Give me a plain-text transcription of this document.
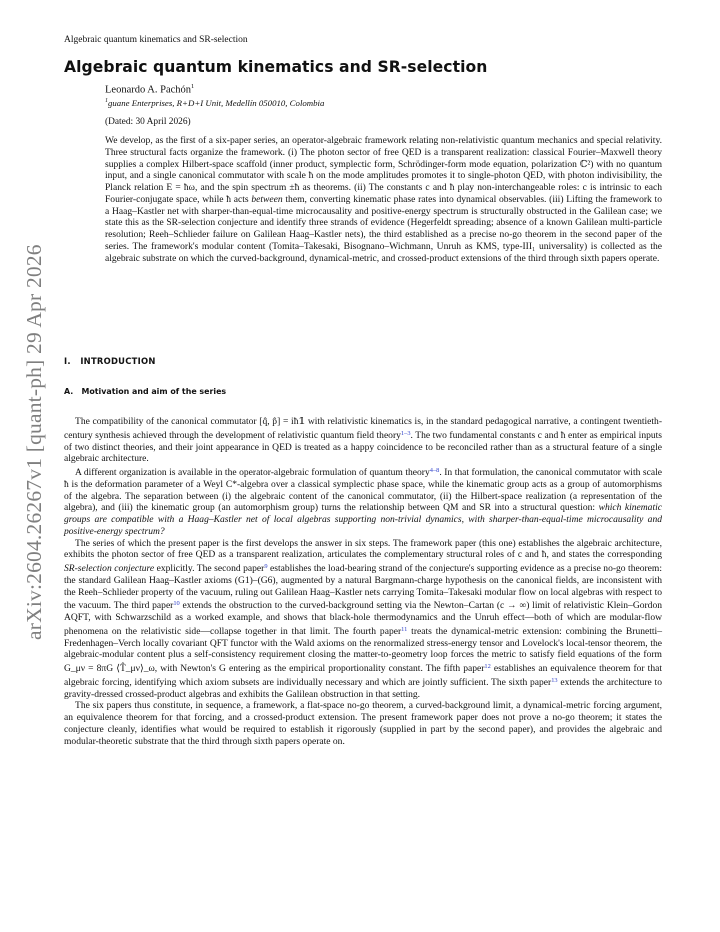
Algebraic quantum kinematics and SR-selection
arXiv:2604.26267v1 [quant-ph] 29 Apr 2026
Algebraic quantum kinematics and SR-selection
Leonardo A. Pachón$^1$
$^1$guane Enterprises, R+D+I Unit, Medellín 050010, Colombia
(Dated: 30 April 2026)

We develop, as the first of a six-paper series, an operator-algebraic framework relating non-relativistic quantum mechanics and special relativity. Three structural facts organize the framework. (i) The photon sector of free QED is a transparent realization: classical Fourier–Maxwell theory supplies a complex Hilbert-space scaffold (inner product, symplectic form, Schrödinger-form mode equation, polarization ℂ²) with no quantum input, and a single canonical commutator with scale ħ on the mode amplitudes promotes it to single-photon QED, with photon indivisibility, the Planck relation E = ħω, and the spin spectrum ±ħ as theorems. (ii) The constants c and ħ play non-interchangeable roles: c is intrinsic to each Fourier-conjugate space, while ħ acts between them, converting kinematic phase rates into dynamical observables. (iii) Lifting the framework to a Haag–Kastler net with sharper-than-equal-time microcausality and positive-energy spectrum is structurally obstructed in the Galilean case; we state this as the SR-selection conjecture and identify three strands of evidence (Hegerfeldt spreading; absence of a known Galilean multi-particle resolution; Reeh–Schlieder failure on Galilean Haag–Kastler nets), the third established as a precise no-go theorem in the second paper of the series. The framework's modular content (Tomita–Takesaki, Bisognano–Wichmann, Unruh as KMS, type-III₁ universality) is collected as the algebraic substrate on which the curved-background, dynamical-metric, and crossed-product extensions of the third through sixth papers operate.

I. INTRODUCTION
A. Motivation and aim of the series

The compatibility of the canonical commutator [q̂, p̂] = iħ𝟙 with relativistic kinematics is, in the standard pedagogical narrative, a contingent twentieth-century synthesis achieved through the development of relativistic quantum field theory$^{1-3}$. The two fundamental constants c and ħ enter as empirical inputs of two distinct theories, and their joint appearance in QED is treated as a happy coincidence to be reconciled rather than as a structural feature of a single algebraic architecture.

A different organization is available in the operator-algebraic formulation of quantum theory$^{4-8}$. In that formulation, the canonical commutator with scale ħ is the deformation parameter of a Weyl C*-algebra over a classical symplectic phase space, while the kinematic group acts as a group of automorphisms of the algebra. The separation between (i) the algebraic content of the canonical commutator, (ii) the Hilbert-space realization (a representation of the algebra), and (iii) the kinematic group (an automorphism group) turns the relationship between QM and SR into a structural question: which kinematic groups are compatible with a Haag–Kastler net of local algebras supporting non-trivial dynamics, with sharper-than-equal-time microcausality and positive-energy spectrum?

The series of which the present paper is the first develops the answer in six steps. The framework paper (this one) establishes the algebraic architecture, exhibits the photon sector of free QED as a transparent realization, articulates the complementary structural roles of c and ħ, and states the corresponding SR-selection conjecture explicitly. The second paper$^9$ establishes the load-bearing strand of the conjecture's supporting evidence as a precise no-go theorem: the standard Galilean Haag–Kastler axioms (G1)–(G6), augmented by a natural Bargmann-charge hypothesis on the canonical fields, are inconsistent with the Reeh–Schlieder property of the vacuum, ruling out Galilean Haag–Kastler nets carrying Tomita–Takesaki modular flow on local algebras with respect to the vacuum. The third paper$^{10}$ extends the obstruction to the curved-background setting via the Newton–Cartan (c → ∞) limit of relativistic Klein–Gordon AQFT, with Schwarzschild as a worked example, and shows that black-hole thermodynamics and the Unruh effect—both of which are modular-flow phenomena on the relativistic side—collapse together in that limit. The fourth paper$^{11}$ treats the dynamical-metric extension: combining the Brunetti–Fredenhagen–Verch locally covariant QFT functor with the Wald axioms on the renormalized stress-energy tensor and Lovelock's local-tensor theorem, the algebraic-modular content plus a self-consistency requirement closing the matter-to-geometry loop forces the metric to satisfy field equations of the form G_μν = 8πG ⟨T̂_μν⟩_ω, with Newton's G entering as the empirical proportionality constant. The fifth paper$^{12}$ establishes an equivalence theorem for that algebraic forcing, identifying which axiom subsets are individually necessary and which are jointly sufficient. The sixth paper$^{13}$ extends the architecture to gravity-dressed crossed-product algebras and exhibits the Galilean obstruction in that setting.

The six papers thus constitute, in sequence, a framework, a flat-space no-go theorem, a curved-background limit, a dynamical-metric forcing argument, an equivalence theorem for that forcing, and a crossed-product extension. The present framework paper does not prove a no-go theorem; it states the conjecture cleanly, identifies what would be required to establish it rigorously (supplied in part by the second paper), and provides the algebraic and modular-theoretic substrate that the third through sixth papers operate on.
